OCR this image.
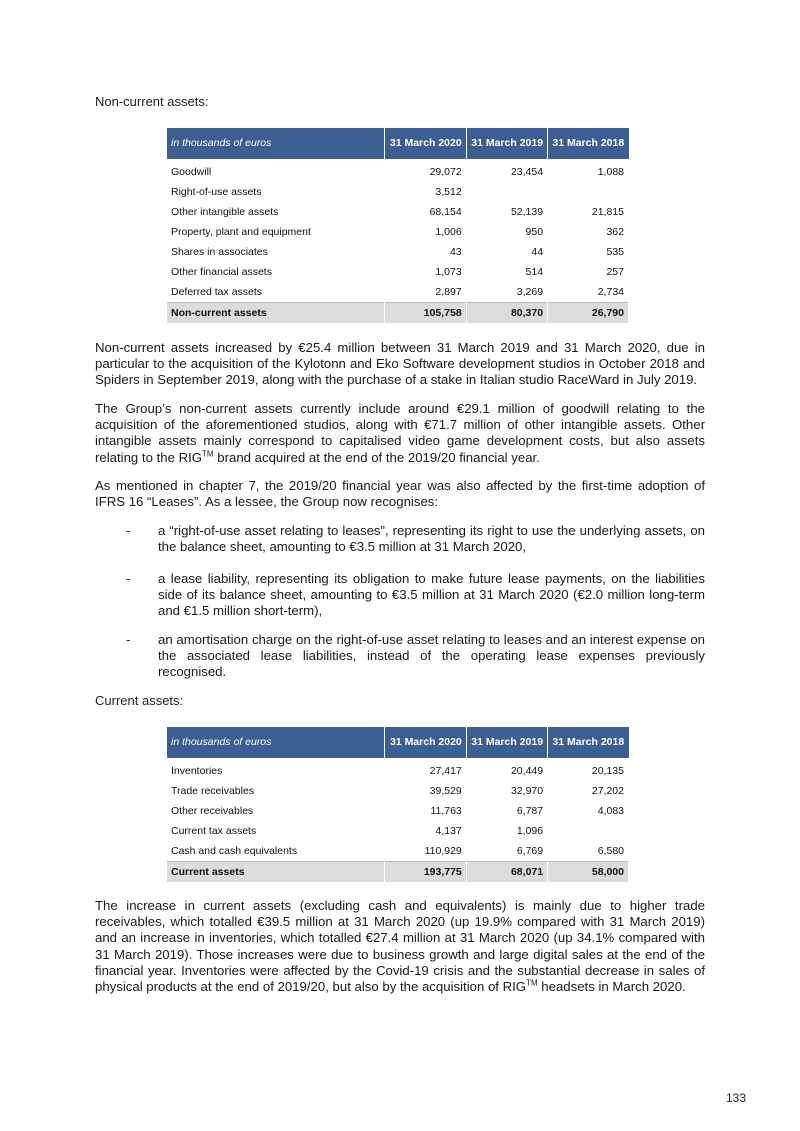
Non-current assets:
in thousands of euros	31 March 2020	31 March 2019	31 March 2018
Goodwill	29,072	23,454	1,088
Right-of-use assets	3,512		
Other intangible assets	68,154	52,139	21,815
Property, plant and equipment	1,006	950	362
Shares in associates	43	44	535
Other financial assets	1,073	514	257
Deferred tax assets	2,897	3,269	2,734
Non-current assets	105,758	80,370	26,790

Non-current assets increased by €25.4 million between 31 March 2019 and 31 March 2020, due in particular to the acquisition of the Kylotonn and Eko Software development studios in October 2018 and Spiders in September 2019, along with the purchase of a stake in Italian studio RaceWard in July 2019.

The Group’s non-current assets currently include around €29.1 million of goodwill relating to the acquisition of the aforementioned studios, along with €71.7 million of other intangible assets. Other intangible assets mainly correspond to capitalised video game development costs, but also assets relating to the RIG™ brand acquired at the end of the 2019/20 financial year.

As mentioned in chapter 7, the 2019/20 financial year was also affected by the first-time adoption of IFRS 16 “Leases”. As a lessee, the Group now recognises:

-	a “right-of-use asset relating to leases”, representing its right to use the underlying assets, on the balance sheet, amounting to €3.5 million at 31 March 2020,
-	a lease liability, representing its obligation to make future lease payments, on the liabilities side of its balance sheet, amounting to €3.5 million at 31 March 2020 (€2.0 million long-term and €1.5 million short-term),
-	an amortisation charge on the right-of-use asset relating to leases and an interest expense on the associated lease liabilities, instead of the operating lease expenses previously recognised.
Current assets:
in thousands of euros	31 March 2020	31 March 2019	31 March 2018
Inventories	27,417	20,449	20,135
Trade receivables	39,529	32,970	27,202
Other receivables	11,763	6,787	4,083
Current tax assets	4,137	1,096	
Cash and cash equivalents	110,929	6,769	6,580
Current assets	193,775	68,071	58,000

The increase in current assets (excluding cash and equivalents) is mainly due to higher trade receivables, which totalled €39.5 million at 31 March 2020 (up 19.9% compared with 31 March 2019) and an increase in inventories, which totalled €27.4 million at 31 March 2020 (up 34.1% compared with 31 March 2019). Those increases were due to business growth and large digital sales at the end of the financial year. Inventories were affected by the Covid-19 crisis and the substantial decrease in sales of physical products at the end of 2019/20, but also by the acquisition of RIG™ headsets in March 2020.

133
